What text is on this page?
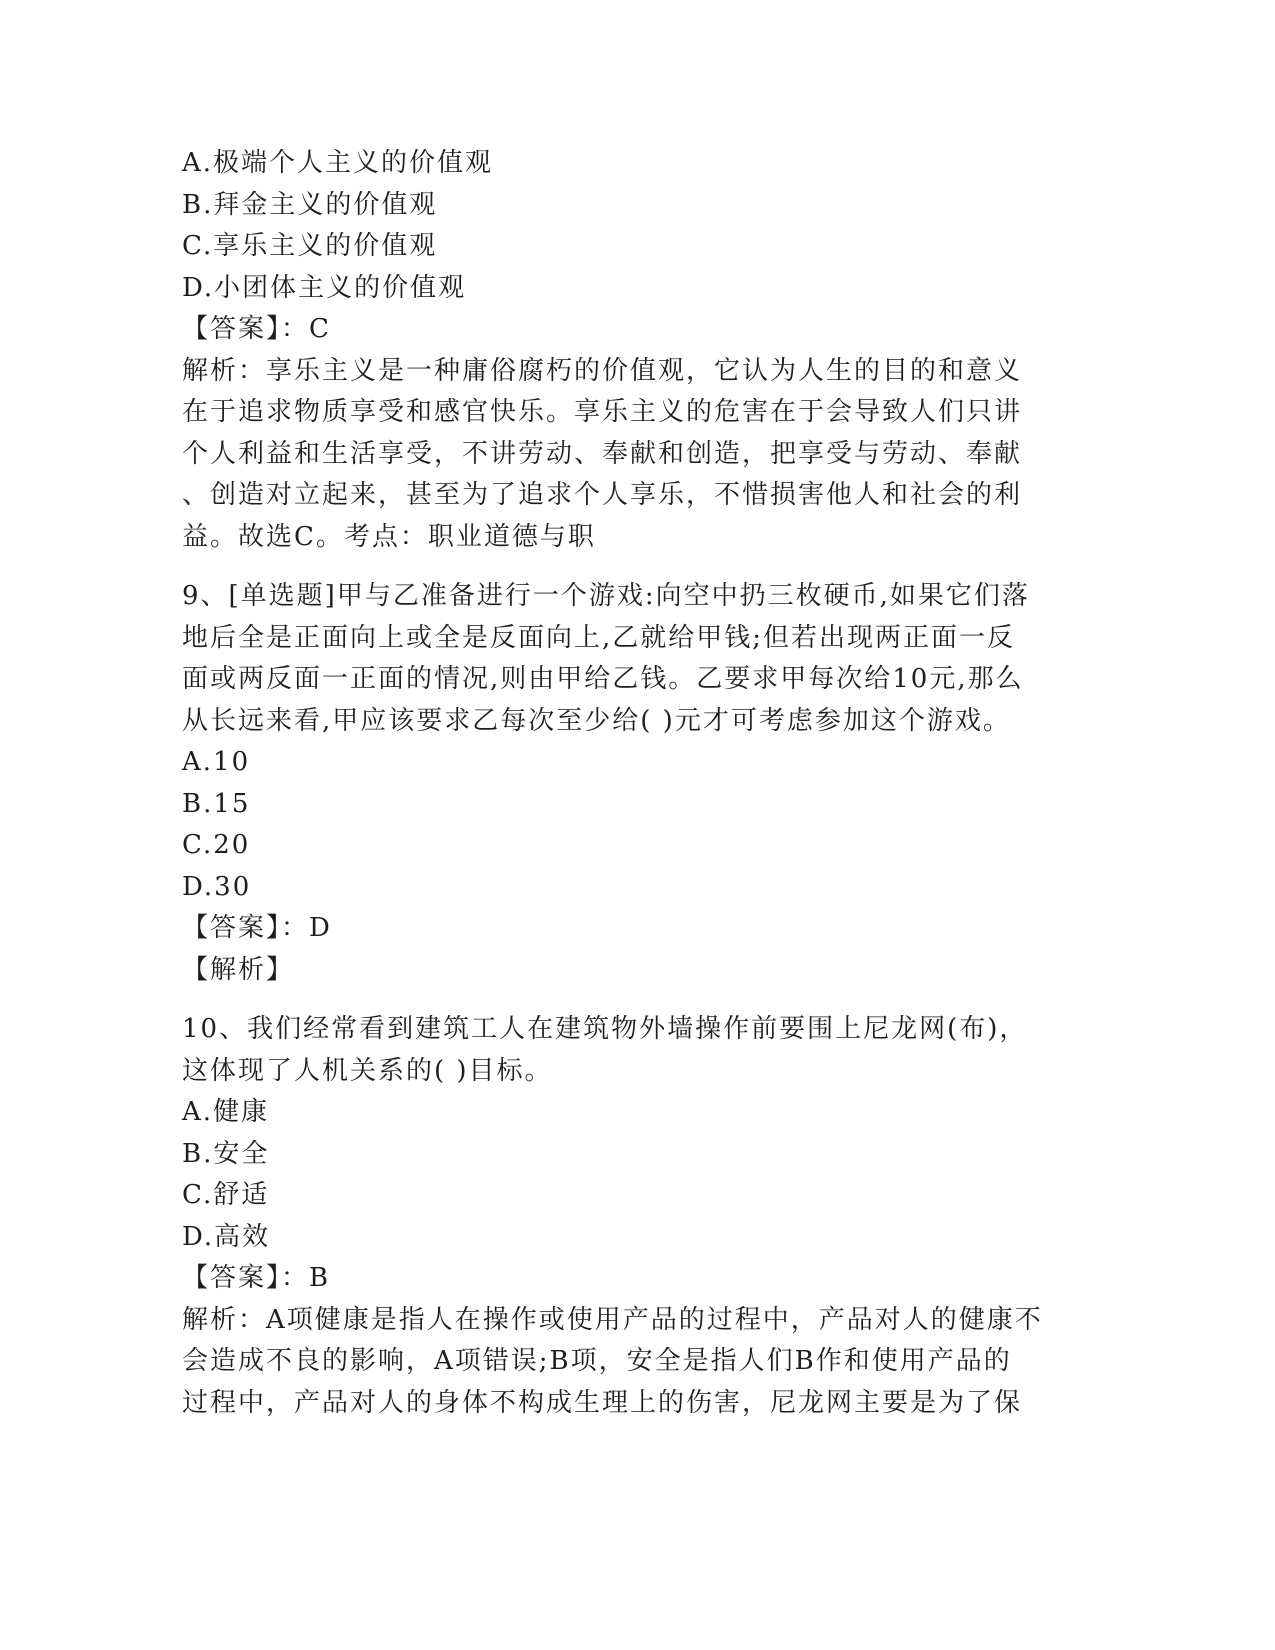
A.极端个人主义的价值观
B.拜金主义的价值观
C.享乐主义的价值观
D.小团体主义的价值观
【答案】：C
解析：享乐主义是一种庸俗腐朽的价值观，它认为人生的目的和意义
在于追求物质享受和感官快乐。享乐主义的危害在于会导致人们只讲
个人利益和生活享受，不讲劳动、奉献和创造，把享受与劳动、奉献
、创造对立起来，甚至为了追求个人享乐，不惜损害他人和社会的利
益。故选C。考点：职业道德与职
9、[单选题]甲与乙准备进行一个游戏:向空中扔三枚硬币,如果它们落
地后全是正面向上或全是反面向上,乙就给甲钱;但若出现两正面一反
面或两反面一正面的情况,则由甲给乙钱。乙要求甲每次给10元,那么
从长远来看,甲应该要求乙每次至少给( )元才可考虑参加这个游戏。
A.10
B.15
C.20
D.30
【答案】：D
【解析】
10、我们经常看到建筑工人在建筑物外墙操作前要围上尼龙网(布)，
这体现了人机关系的( )目标。
A.健康
B.安全
C.舒适
D.高效
【答案】：B
解析：A项健康是指人在操作或使用产品的过程中，产品对人的健康不
会造成不良的影响，A项错误;B项，安全是指人们B作和使用产品的
过程中，产品对人的身体不构成生理上的伤害，尼龙网主要是为了保
